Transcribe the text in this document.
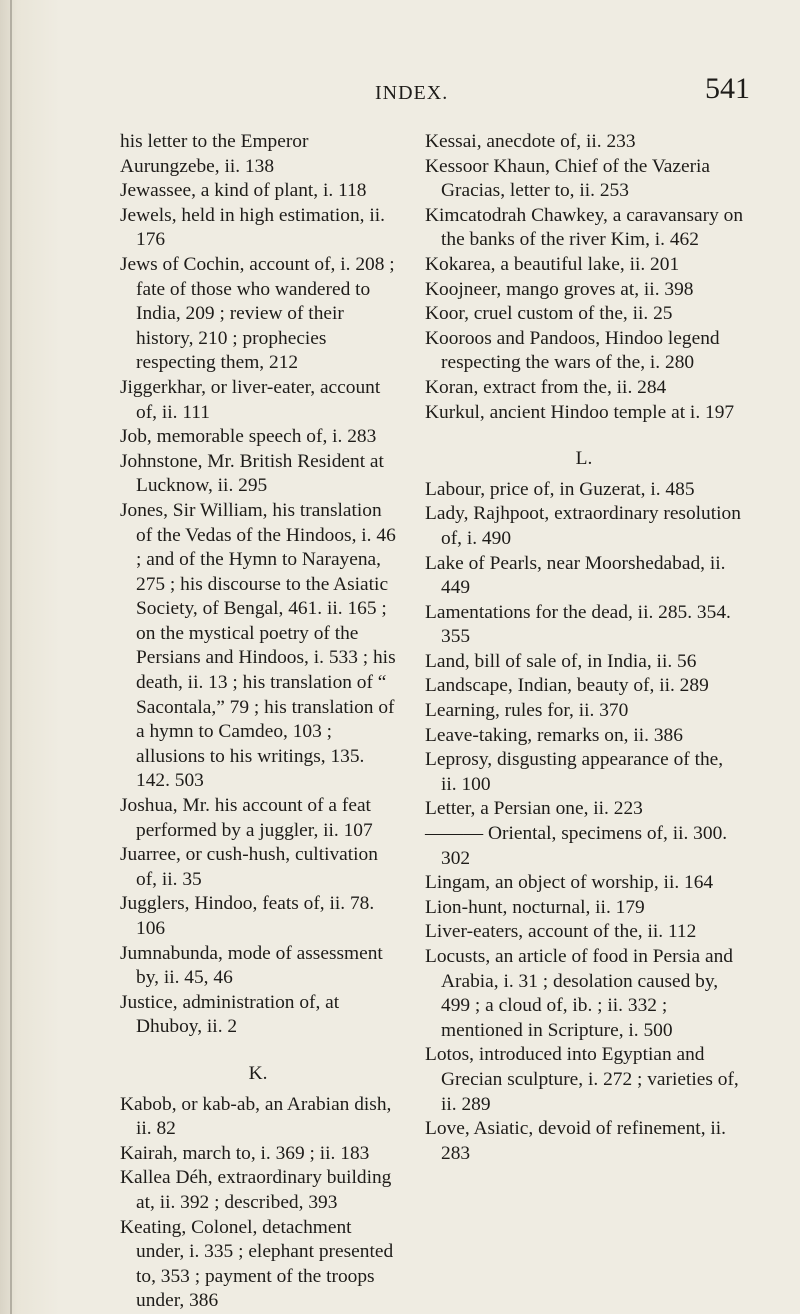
INDEX.	541

his letter to the Emperor Aurungzebe, ii. 138

Jewassee, a kind of plant, i. 118

Jewels, held in high estimation, ii. 176

Jews of Cochin, account of, i. 208 ; fate of those who wandered to India, 209 ; review of their history, 210 ; prophecies respecting them, 212

Jiggerkhar, or liver-eater, account of, ii. 111

Job, memorable speech of, i. 283

Johnstone, Mr. British Resident at Lucknow, ii. 295

Jones, Sir William, his translation of the Vedas of the Hindoos, i. 46 ; and of the Hymn to Narayena, 275 ; his discourse to the Asiatic Society, of Bengal, 461. ii. 165 ; on the mystical poetry of the Persians and Hindoos, i. 533 ; his death, ii. 13 ; his translation of “ Sacontala,” 79 ; his translation of a hymn to Camdeo, 103 ; allusions to his writings, 135. 142. 503

Joshua, Mr. his account of a feat performed by a juggler, ii. 107

Juarree, or cush-hush, cultivation of, ii. 35

Jugglers, Hindoo, feats of, ii. 78. 106

Jumnabunda, mode of assessment by, ii. 45, 46

Justice, administration of, at Dhuboy, ii. 2

K.

Kabob, or kab-ab, an Arabian dish, ii. 82

Kairah, march to, i. 369 ; ii. 183

Kallea Déh, extraordinary building at, ii. 392 ; described, 393

Keating, Colonel, detachment under, i. 335 ; elephant presented to, 353 ; payment of the troops under, 386

Kessai, anecdote of, ii. 233

Kessoor Khaun, Chief of the Vazeria Gracias, letter to, ii. 253

Kimcatodrah Chawkey, a caravansary on the banks of the river Kim, i. 462

Kokarea, a beautiful lake, ii. 201

Koojneer, mango groves at, ii. 398

Koor, cruel custom of the, ii. 25

Kooroos and Pandoos, Hindoo legend respecting the wars of the, i. 280

Koran, extract from the, ii. 284

Kurkul, ancient Hindoo temple at i. 197

L.

Labour, price of, in Guzerat, i. 485

Lady, Rajhpoot, extraordinary resolution of, i. 490

Lake of Pearls, near Moorshedabad, ii. 449

Lamentations for the dead, ii. 285. 354. 355

Land, bill of sale of, in India, ii. 56

Landscape, Indian, beauty of, ii. 289

Learning, rules for, ii. 370

Leave-taking, remarks on, ii. 386

Leprosy, disgusting appearance of the, ii. 100

Letter, a Persian one, ii. 223

——— Oriental, specimens of, ii. 300. 302

Lingam, an object of worship, ii. 164

Lion-hunt, nocturnal, ii. 179

Liver-eaters, account of the, ii. 112

Locusts, an article of food in Persia and Arabia, i. 31 ; desolation caused by, 499 ; a cloud of, ib. ; ii. 332 ; mentioned in Scripture, i. 500

Lotos, introduced into Egyptian and Grecian sculpture, i. 272 ; varieties of, ii. 289

Love, Asiatic, devoid of refinement, ii. 283
